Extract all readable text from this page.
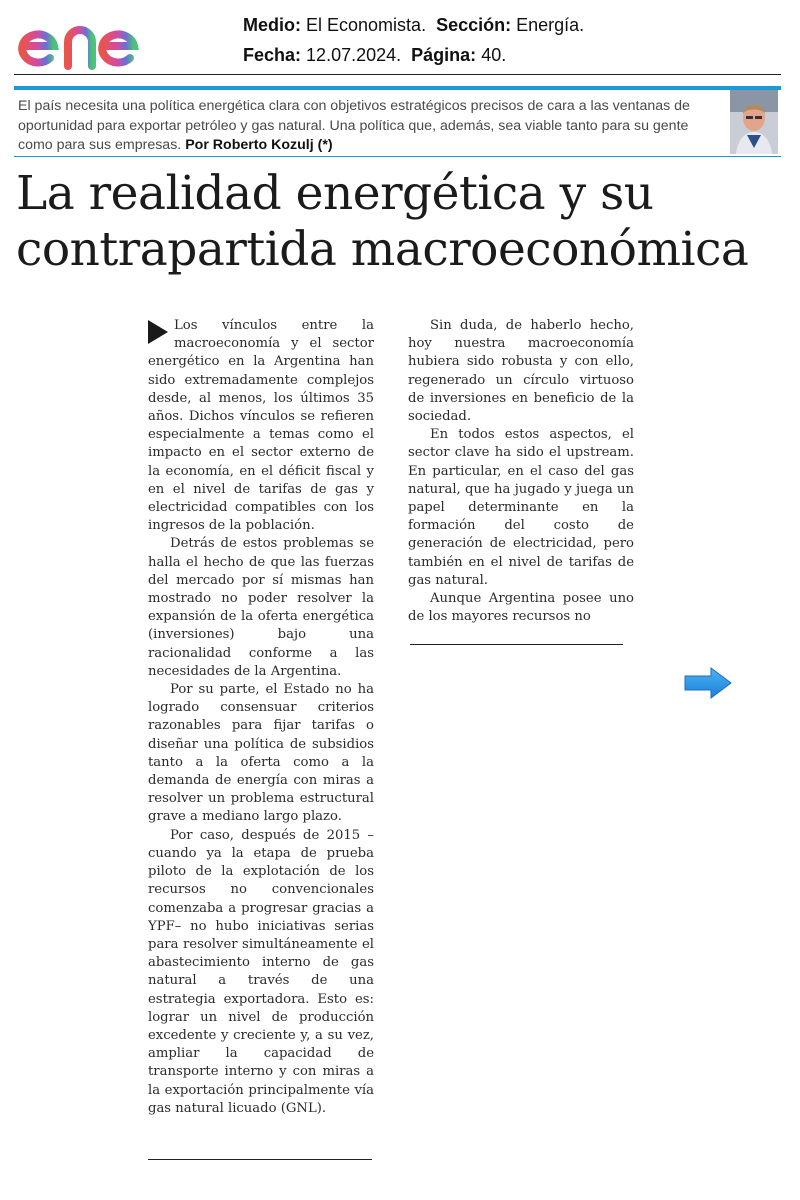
Medio: El Economista. Sección: Energía.
Fecha: 12.07.2024. Página: 40.
El país necesita una política energética clara con objetivos estratégicos precisos de cara a las ventanas de oportunidad para exportar petróleo y gas natural. Una política que, además, sea viable tanto para su gente como para sus empresas. Por Roberto Kozulj (*)
La realidad energética y su contrapartida macroeconómica

Los vínculos entre la macroeconomía y el sector energético en la Argentina han sido extremadamente complejos desde, al menos, los últimos 35 años. Dichos vínculos se refieren especialmente a temas como el impacto en el sector externo de la economía, en el déficit fiscal y en el nivel de tarifas de gas y electricidad compatibles con los ingresos de la población.

Detrás de estos problemas se halla el hecho de que las fuerzas del mercado por sí mismas han mostrado no poder resolver la expansión de la oferta energética (inversiones) bajo una racionalidad conforme a las necesidades de la Argentina.

Por su parte, el Estado no ha logrado consensuar criterios razonables para fijar tarifas o diseñar una política de subsidios tanto a la oferta como a la demanda de energía con miras a resolver un problema estructural grave a mediano largo plazo.

Por caso, después de 2015 –cuando ya la etapa de prueba piloto de la explotación de los recursos no convencionales comenzaba a progresar gracias a YPF– no hubo iniciativas serias para resolver simultáneamente el abastecimiento interno de gas natural a través de una estrategia exportadora. Esto es: lograr un nivel de producción excedente y creciente y, a su vez, ampliar la capacidad de transporte interno y con miras a la exportación principalmente vía gas natural licuado (GNL).

Sin duda, de haberlo hecho, hoy nuestra macroeconomía hubiera sido robusta y con ello, regenerado un círculo virtuoso de inversiones en beneficio de la sociedad.

En todos estos aspectos, el sector clave ha sido el upstream. En particular, en el caso del gas natural, que ha jugado y juega un papel determinante en la formación del costo de generación de electricidad, pero también en el nivel de tarifas de gas natural.

Aunque Argentina posee uno de los mayores recursos no
